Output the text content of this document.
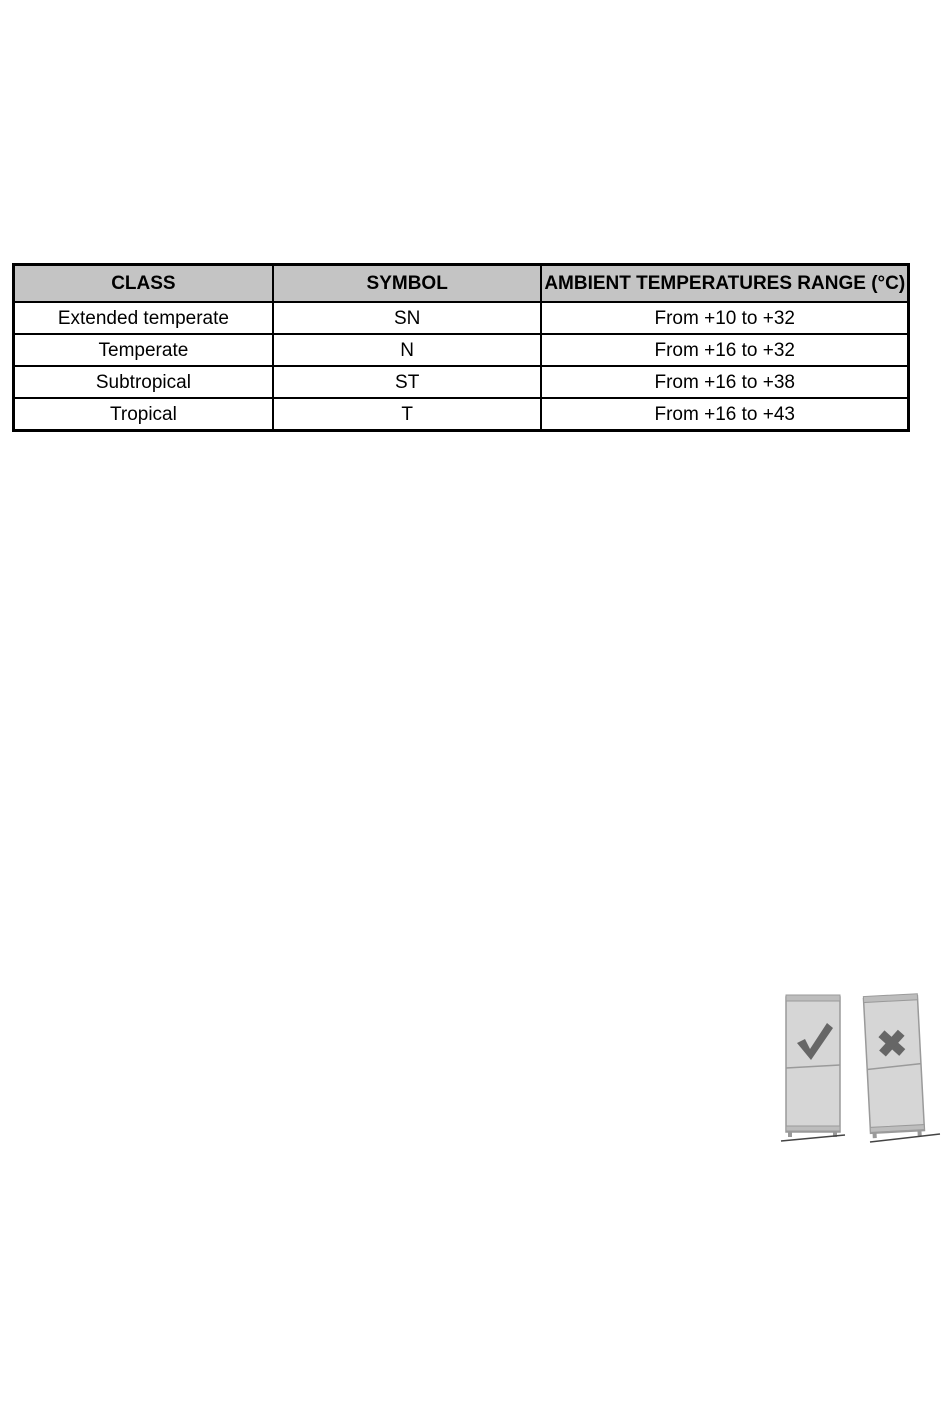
CLASS	SYMBOL	AMBIENT TEMPERATURES RANGE (°C)
Extended temperate	SN	From +10 to +32
Temperate	N	From +16 to +32
Subtropical	ST	From +16 to +38
Tropical	T	From +16 to +43
